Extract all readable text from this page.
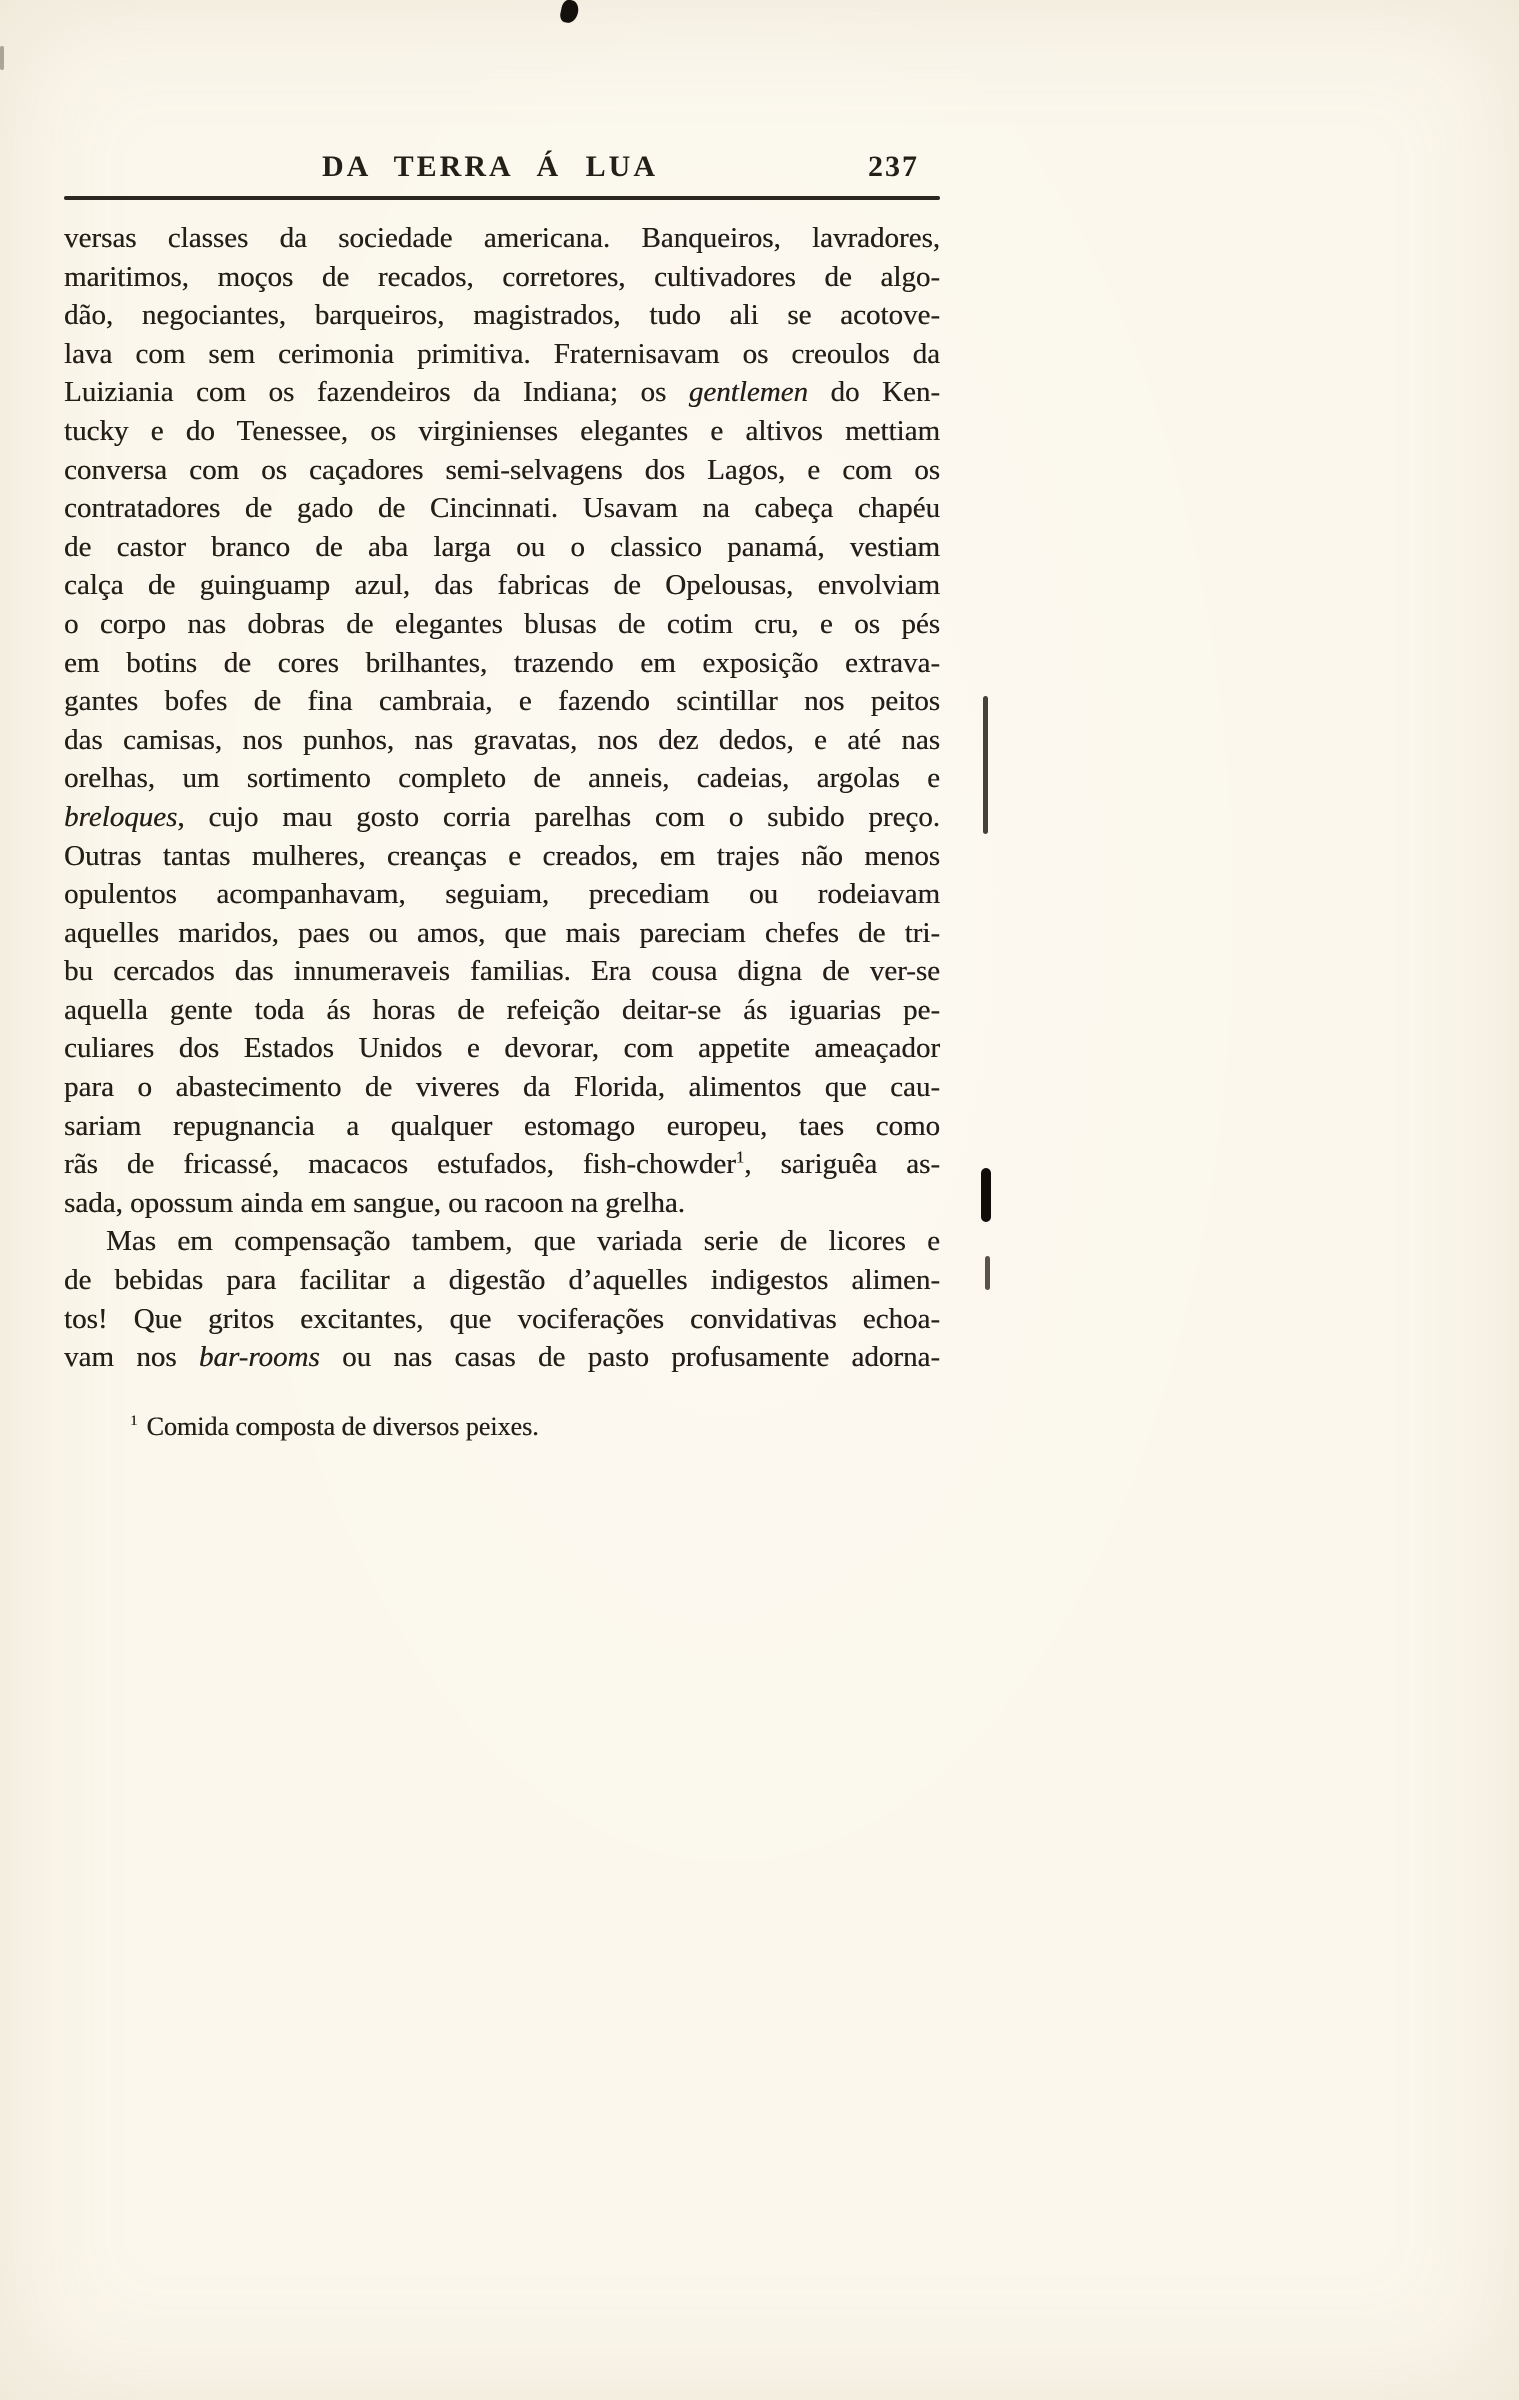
DA TERRA Á LUA	237
versas classes da sociedade americana. Banqueiros, lavradores,
maritimos, moços de recados, corretores, cultivadores de algo-
dão, negociantes, barqueiros, magistrados, tudo ali se acotove-
lava com sem cerimonia primitiva. Fraternisavam os creoulos da
Luiziania com os fazendeiros da Indiana; os gentlemen do Ken-
tucky e do Tenessee, os virginienses elegantes e altivos mettiam
conversa com os caçadores semi-selvagens dos Lagos, e com os
contratadores de gado de Cincinnati. Usavam na cabeça chapéu
de castor branco de aba larga ou o classico panamá, vestiam
calça de guinguamp azul, das fabricas de Opelousas, envolviam
o corpo nas dobras de elegantes blusas de cotim cru, e os pés
em botins de cores brilhantes, trazendo em exposição extrava-
gantes bofes de fina cambraia, e fazendo scintillar nos peitos
das camisas, nos punhos, nas gravatas, nos dez dedos, e até nas
orelhas, um sortimento completo de anneis, cadeias, argolas e
breloques, cujo mau gosto corria parelhas com o subido preço.
Outras tantas mulheres, creanças e creados, em trajes não menos
opulentos acompanhavam, seguiam, precediam ou rodeiavam
aquelles maridos, paes ou amos, que mais pareciam chefes de tri-
bu cercados das innumeraveis familias. Era cousa digna de ver-se
aquella gente toda ás horas de refeição deitar-se ás iguarias pe-
culiares dos Estados Unidos e devorar, com appetite ameaçador
para o abastecimento de viveres da Florida, alimentos que cau-
sariam repugnancia a qualquer estomago europeu, taes como
rãs de fricassé, macacos estufados, fish-chowder$^1$, sariguêa as-
sada, opossum ainda em sangue, ou racoon na grelha.
Mas em compensação tambem, que variada serie de licores e
de bebidas para facilitar a digestão d’aquelles indigestos alimen-
tos! Que gritos excitantes, que vociferações convidativas echoa-
vam nos bar-rooms ou nas casas de pasto profusamente adorna-
$^1$ Comida composta de diversos peixes.
